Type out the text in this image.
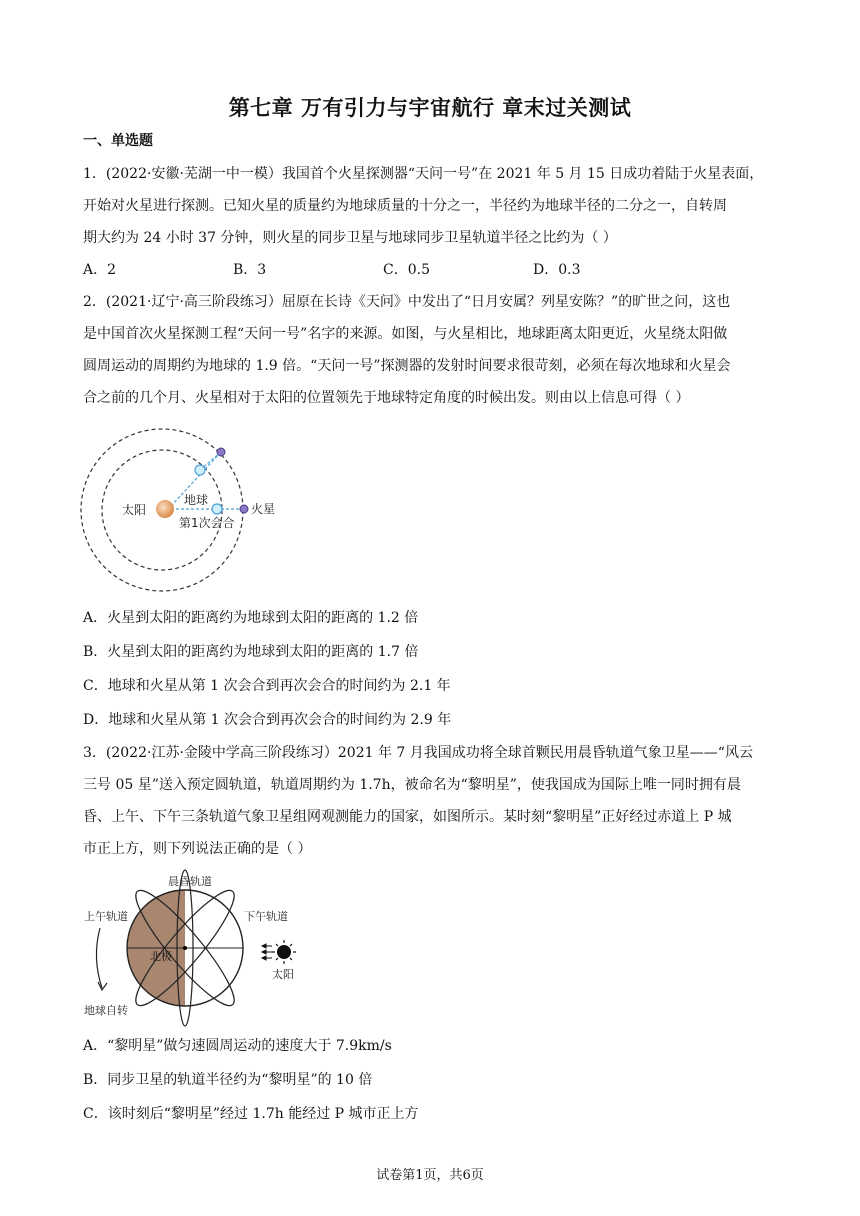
第七章 万有引力与宇宙航行 章末过关测试
一、单选题
1．(2022·安徽·芜湖一中一模）我国首个火星探测器“天问一号”在 2021 年 5 月 15 日成功着陆于火星表面，
开始对火星进行探测。已知火星的质量约为地球质量的十分之一，半径约为地球半径的二分之一，自转周
期大约为 24 小时 37 分钟，则火星的同步卫星与地球同步卫星轨道半径之比约为（ ）
A．2	B．3	C．0.5	D．0.3
2．(2021·辽宁·高三阶段练习）屈原在长诗《天问》中发出了“日月安属？列星安陈？”的旷世之问，这也
是中国首次火星探测工程“天问一号”名字的来源。如图，与火星相比，地球距离太阳更近，火星绕太阳做
圆周运动的周期约为地球的 1.9 倍。“天问一号”探测器的发射时间要求很苛刻，必须在每次地球和火星会
合之前的几个月、火星相对于太阳的位置领先于地球特定角度的时候出发。则由以上信息可得（ ）
太阳
地球
火星
第1次会合
A．火星到太阳的距离约为地球到太阳的距离的 1.2 倍
B．火星到太阳的距离约为地球到太阳的距离的 1.7 倍
C．地球和火星从第 1 次会合到再次会合的时间约为 2.1 年
D．地球和火星从第 1 次会合到再次会合的时间约为 2.9 年
3．(2022·江苏·金陵中学高三阶段练习）2021 年 7 月我国成功将全球首颗民用晨昏轨道气象卫星——“风云
三号 05 星”送入预定圆轨道，轨道周期约为 1.7h，被命名为“黎明星”，使我国成为国际上唯一同时拥有晨
昏、上午、下午三条轨道气象卫星组网观测能力的国家，如图所示。某时刻“黎明星”正好经过赤道上 P 城
市正上方，则下列说法正确的是（ ）
北极
晨昏轨道
上午轨道	下午轨道
地球自转
太阳
A．“黎明星”做匀速圆周运动的速度大于 7.9km/s
B．同步卫星的轨道半径约为“黎明星”的 10 倍
C．该时刻后“黎明星”经过 1.7h 能经过 P 城市正上方
试卷第1页，共6页
